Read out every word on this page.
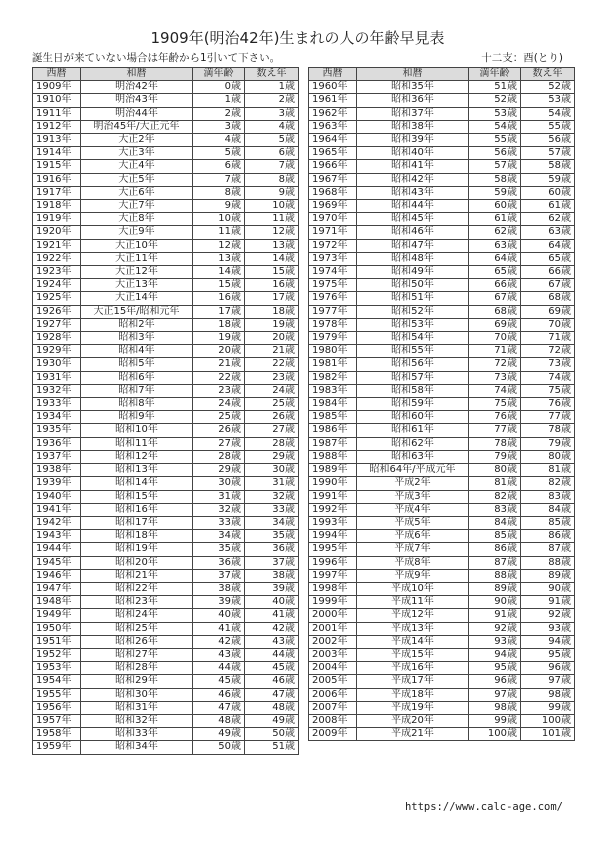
1909年(明治42年)生まれの人の年齢早見表
誕生日が来ていない場合は年齢から1引いて下さい。	十二支：酉(とり)
西暦	和暦	満年齢	数え年
1909年	明治42年	0歳	1歳
1910年	明治43年	1歳	2歳
1911年	明治44年	2歳	3歳
1912年	明治45年/大正元年	3歳	4歳
1913年	大正2年	4歳	5歳
1914年	大正3年	5歳	6歳
1915年	大正4年	6歳	7歳
1916年	大正5年	7歳	8歳
1917年	大正6年	8歳	9歳
1918年	大正7年	9歳	10歳
1919年	大正8年	10歳	11歳
1920年	大正9年	11歳	12歳
1921年	大正10年	12歳	13歳
1922年	大正11年	13歳	14歳
1923年	大正12年	14歳	15歳
1924年	大正13年	15歳	16歳
1925年	大正14年	16歳	17歳
1926年	大正15年/昭和元年	17歳	18歳
1927年	昭和2年	18歳	19歳
1928年	昭和3年	19歳	20歳
1929年	昭和4年	20歳	21歳
1930年	昭和5年	21歳	22歳
1931年	昭和6年	22歳	23歳
1932年	昭和7年	23歳	24歳
1933年	昭和8年	24歳	25歳
1934年	昭和9年	25歳	26歳
1935年	昭和10年	26歳	27歳
1936年	昭和11年	27歳	28歳
1937年	昭和12年	28歳	29歳
1938年	昭和13年	29歳	30歳
1939年	昭和14年	30歳	31歳
1940年	昭和15年	31歳	32歳
1941年	昭和16年	32歳	33歳
1942年	昭和17年	33歳	34歳
1943年	昭和18年	34歳	35歳
1944年	昭和19年	35歳	36歳
1945年	昭和20年	36歳	37歳
1946年	昭和21年	37歳	38歳
1947年	昭和22年	38歳	39歳
1948年	昭和23年	39歳	40歳
1949年	昭和24年	40歳	41歳
1950年	昭和25年	41歳	42歳
1951年	昭和26年	42歳	43歳
1952年	昭和27年	43歳	44歳
1953年	昭和28年	44歳	45歳
1954年	昭和29年	45歳	46歳
1955年	昭和30年	46歳	47歳
1956年	昭和31年	47歳	48歳
1957年	昭和32年	48歳	49歳
1958年	昭和33年	49歳	50歳
1959年	昭和34年	50歳	51歳
西暦	和暦	満年齢	数え年
1960年	昭和35年	51歳	52歳
1961年	昭和36年	52歳	53歳
1962年	昭和37年	53歳	54歳
1963年	昭和38年	54歳	55歳
1964年	昭和39年	55歳	56歳
1965年	昭和40年	56歳	57歳
1966年	昭和41年	57歳	58歳
1967年	昭和42年	58歳	59歳
1968年	昭和43年	59歳	60歳
1969年	昭和44年	60歳	61歳
1970年	昭和45年	61歳	62歳
1971年	昭和46年	62歳	63歳
1972年	昭和47年	63歳	64歳
1973年	昭和48年	64歳	65歳
1974年	昭和49年	65歳	66歳
1975年	昭和50年	66歳	67歳
1976年	昭和51年	67歳	68歳
1977年	昭和52年	68歳	69歳
1978年	昭和53年	69歳	70歳
1979年	昭和54年	70歳	71歳
1980年	昭和55年	71歳	72歳
1981年	昭和56年	72歳	73歳
1982年	昭和57年	73歳	74歳
1983年	昭和58年	74歳	75歳
1984年	昭和59年	75歳	76歳
1985年	昭和60年	76歳	77歳
1986年	昭和61年	77歳	78歳
1987年	昭和62年	78歳	79歳
1988年	昭和63年	79歳	80歳
1989年	昭和64年/平成元年	80歳	81歳
1990年	平成2年	81歳	82歳
1991年	平成3年	82歳	83歳
1992年	平成4年	83歳	84歳
1993年	平成5年	84歳	85歳
1994年	平成6年	85歳	86歳
1995年	平成7年	86歳	87歳
1996年	平成8年	87歳	88歳
1997年	平成9年	88歳	89歳
1998年	平成10年	89歳	90歳
1999年	平成11年	90歳	91歳
2000年	平成12年	91歳	92歳
2001年	平成13年	92歳	93歳
2002年	平成14年	93歳	94歳
2003年	平成15年	94歳	95歳
2004年	平成16年	95歳	96歳
2005年	平成17年	96歳	97歳
2006年	平成18年	97歳	98歳
2007年	平成19年	98歳	99歳
2008年	平成20年	99歳	100歳
2009年	平成21年	100歳	101歳
https://www.calc-age.com/
